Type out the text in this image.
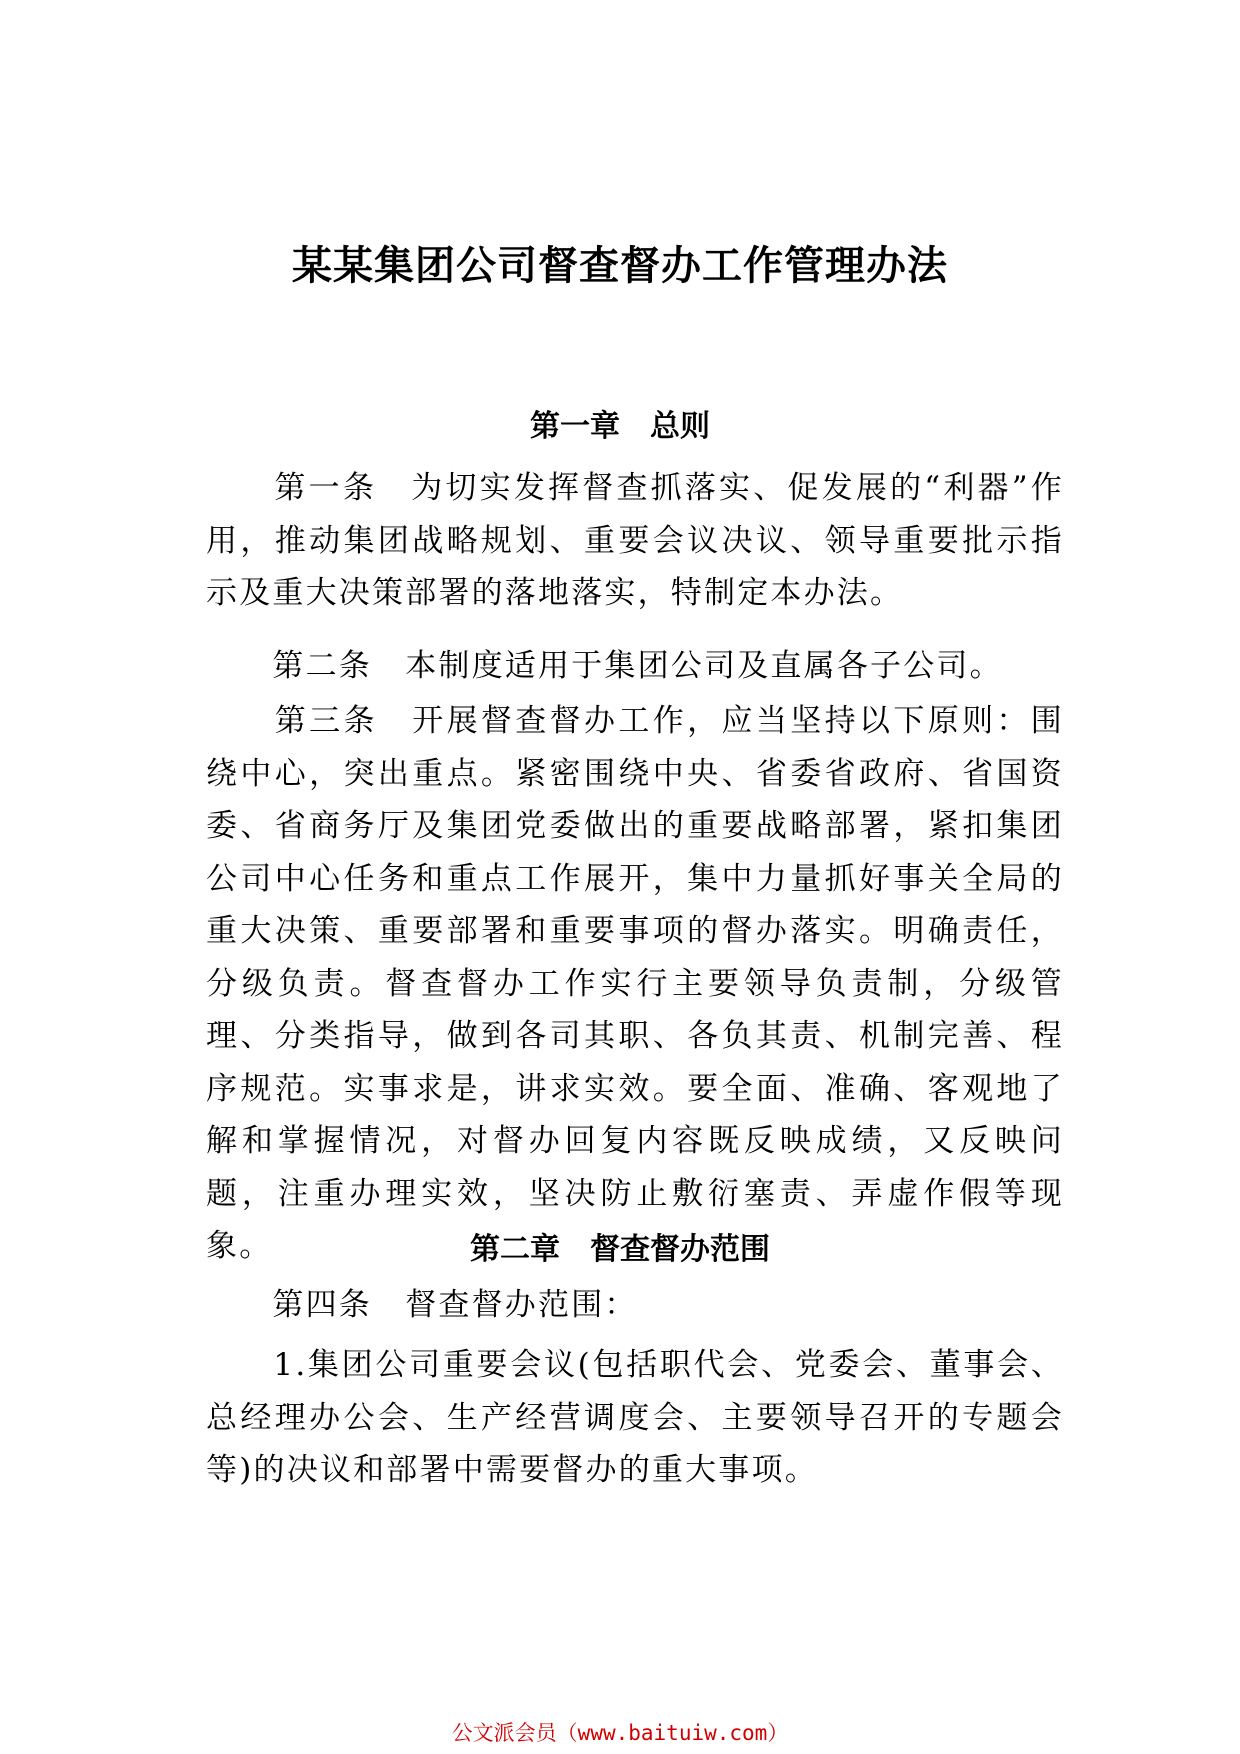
某某集团公司督查督办工作管理办法
第一章　总则

　　第一条　为切实发挥督查抓落实、促发展的“利器”作用，推动集团战略规划、重要会议决议、领导重要批示指示及重大决策部署的落地落实，特制定本办法。

　　第二条　本制度适用于集团公司及直属各子公司。

　　第三条　开展督查督办工作，应当坚持以下原则：围绕中心，突出重点。紧密围绕中央、省委省政府、省国资委、省商务厅及集团党委做出的重要战略部署，紧扣集团公司中心任务和重点工作展开，集中力量抓好事关全局的重大决策、重要部署和重要事项的督办落实。明确责任，分级负责。督查督办工作实行主要领导负责制，分级管理、分类指导，做到各司其职、各负其责、机制完善、程序规范。实事求是，讲求实效。要全面、准确、客观地了解和掌握情况，对督办回复内容既反映成绩，又反映问题，注重办理实效，坚决防止敷衍塞责、弄虚作假等现象。	第二章　督查督办范围

　　第四条　督查督办范围：

　　1.集团公司重要会议(包括职代会、党委会、董事会、总经理办公会、生产经营调度会、主要领导召开的专题会等)的决议和部署中需要督办的重大事项。

公文派会员（www.baituiw.com）
